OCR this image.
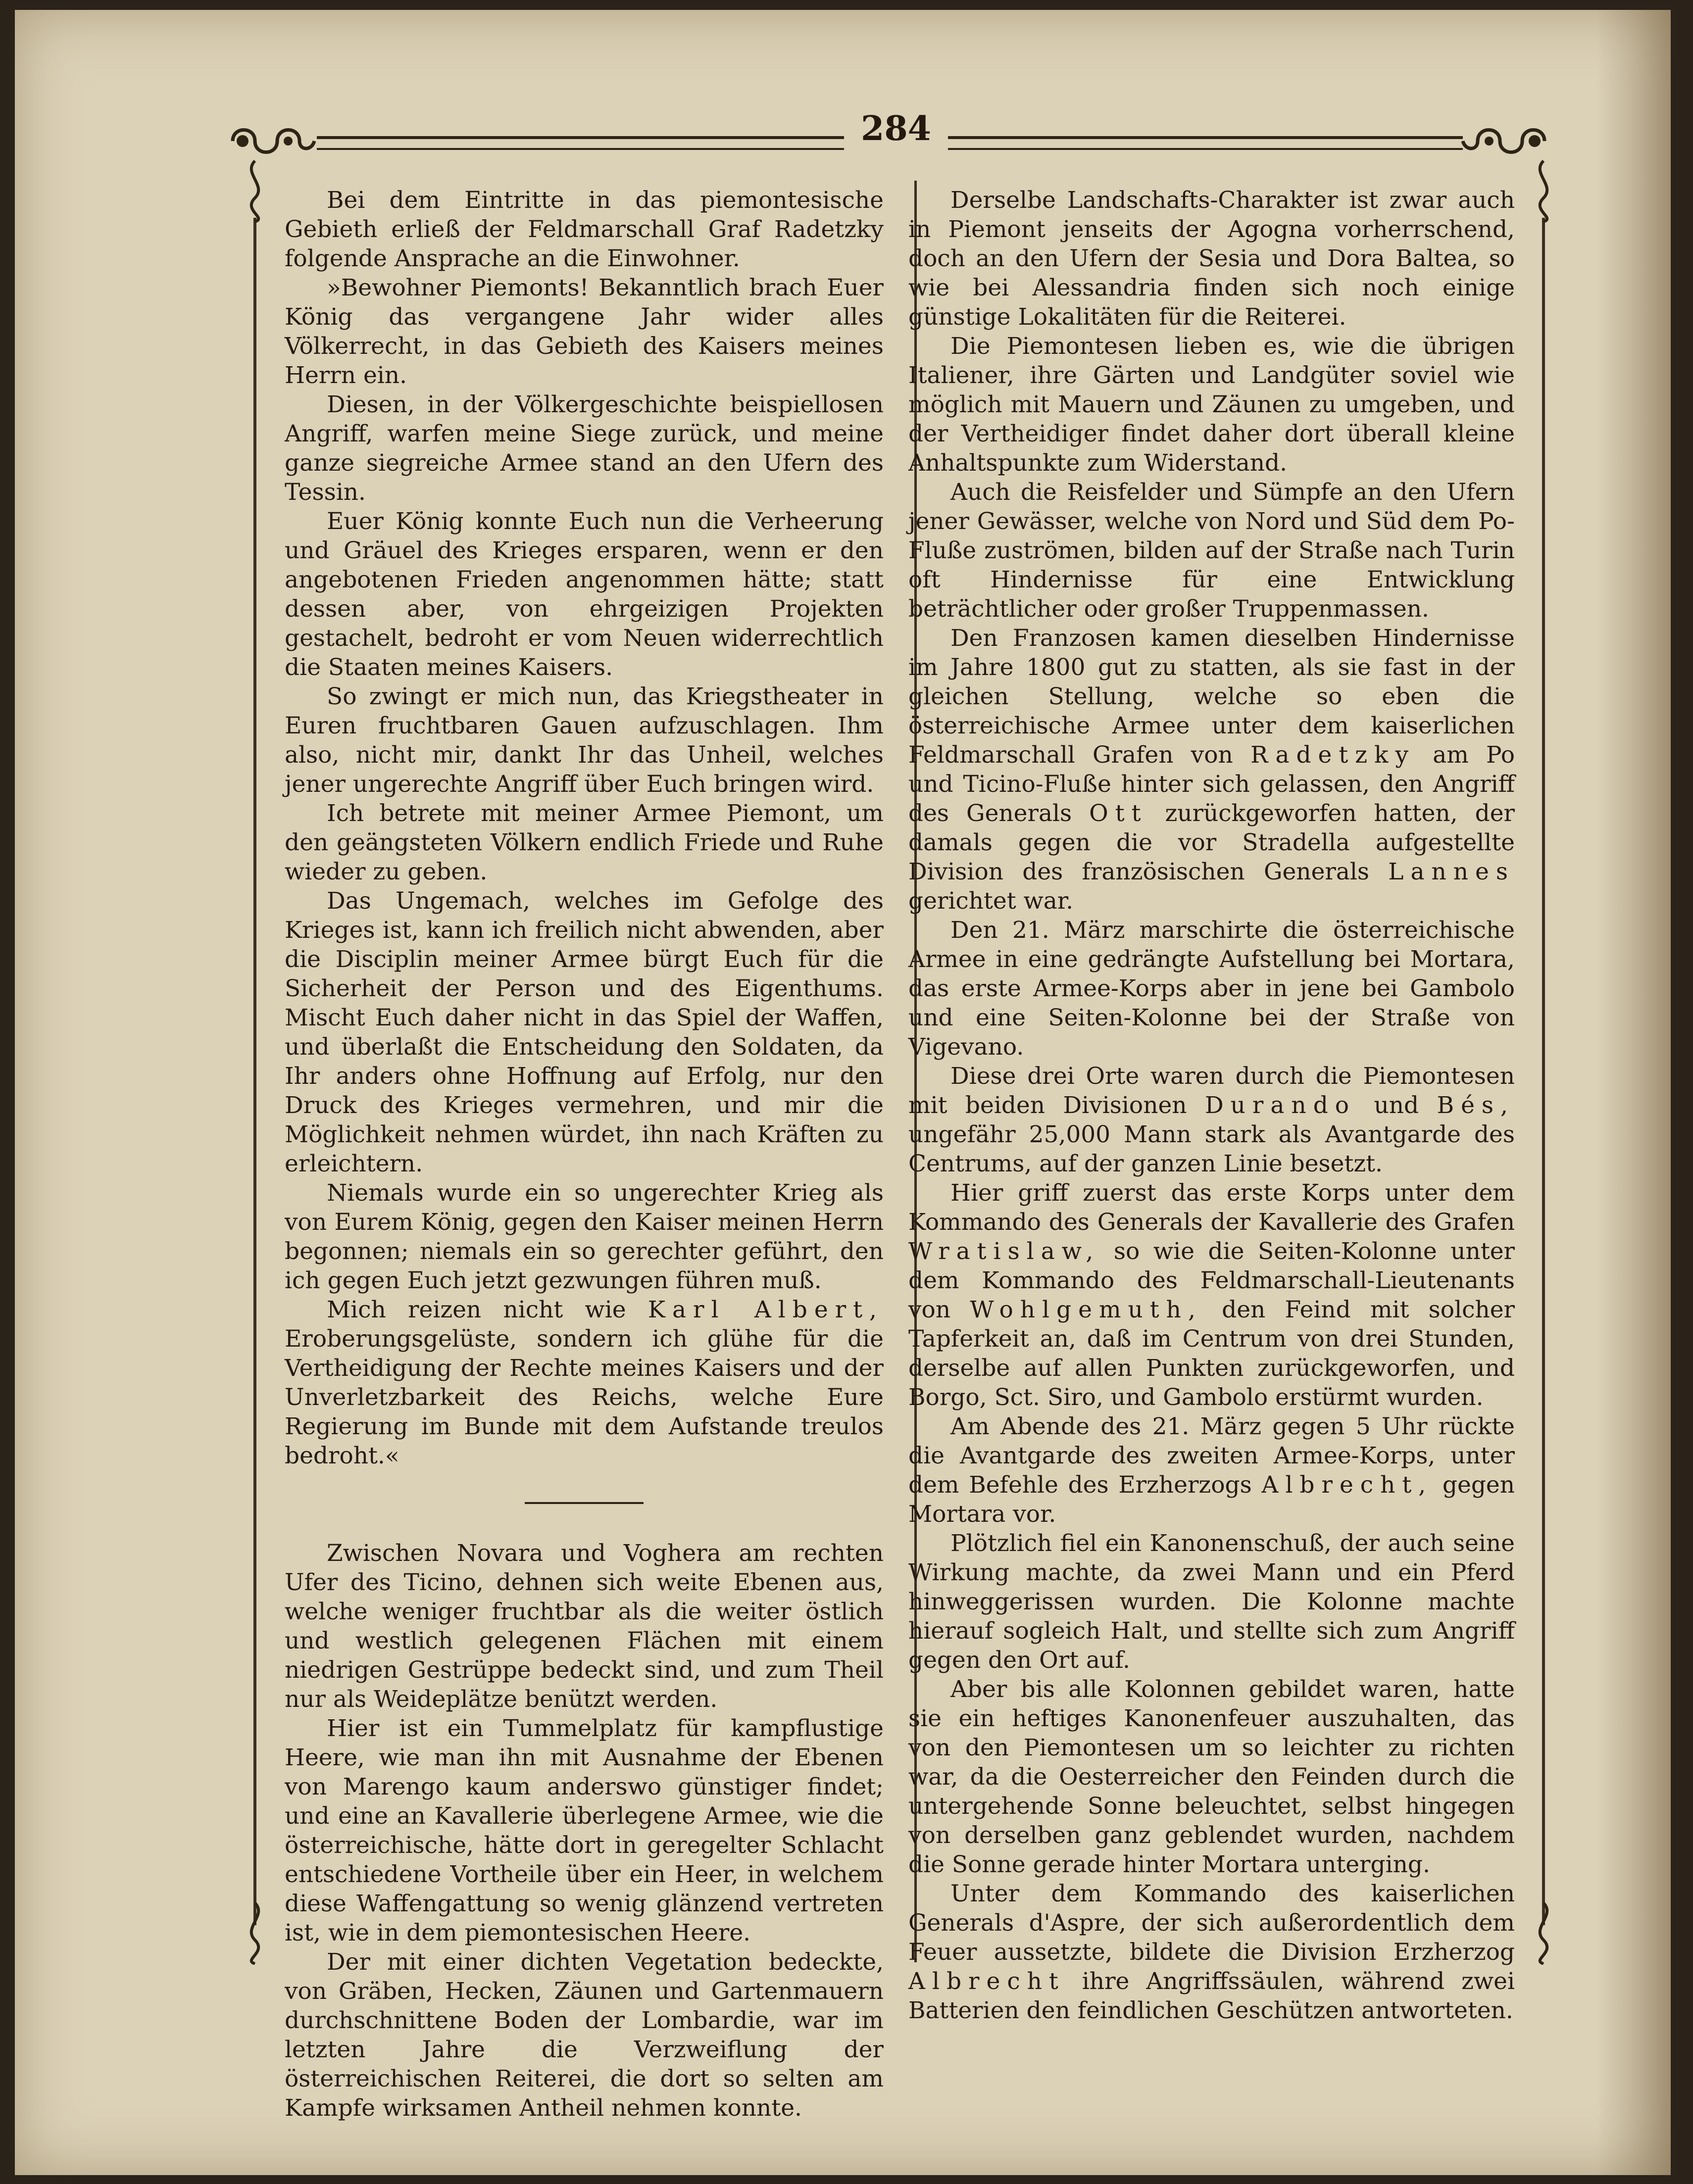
284

Bei dem Eintritte in das piemontesische Gebieth erließ der Feldmarschall Graf Radetzky folgende Ansprache an die Einwohner.

»Bewohner Piemonts! Bekanntlich brach Euer König das vergangene Jahr wider alles Völkerrecht, in das Gebieth des Kaisers meines Herrn ein.

Diesen, in der Völkergeschichte beispiellosen Angriff, warfen meine Siege zurück, und meine ganze siegreiche Armee stand an den Ufern des Tessin.

Euer König konnte Euch nun die Verheerung und Gräuel des Krieges ersparen, wenn er den angebotenen Frieden angenommen hätte; statt dessen aber, von ehrgeizigen Projekten gestachelt, bedroht er vom Neuen widerrechtlich die Staaten meines Kaisers.

So zwingt er mich nun, das Kriegstheater in Euren fruchtbaren Gauen aufzuschlagen. Ihm also, nicht mir, dankt Ihr das Unheil, welches jener ungerechte Angriff über Euch bringen wird.

Ich betrete mit meiner Armee Piemont, um den geängsteten Völkern endlich Friede und Ruhe wieder zu geben.

Das Ungemach, welches im Gefolge des Krieges ist, kann ich freilich nicht abwenden, aber die Disciplin meiner Armee bürgt Euch für die Sicherheit der Person und des Eigenthums. Mischt Euch daher nicht in das Spiel der Waffen, und überlaßt die Entscheidung den Soldaten, da Ihr anders ohne Hoffnung auf Erfolg, nur den Druck des Krieges vermehren, und mir die Möglichkeit nehmen würdet, ihn nach Kräften zu erleichtern.

Niemals wurde ein so ungerechter Krieg als von Eurem König, gegen den Kaiser meinen Herrn begonnen; niemals ein so gerechter geführt, den ich gegen Euch jetzt gezwungen führen muß.

Mich reizen nicht wie Karl Albert, Eroberungsgelüste, sondern ich glühe für die Vertheidigung der Rechte meines Kaisers und der Unverletzbarkeit des Reichs, welche Eure Regierung im Bunde mit dem Aufstande treulos bedroht.«

Zwischen Novara und Voghera am rechten Ufer des Ticino, dehnen sich weite Ebenen aus, welche weniger fruchtbar als die weiter östlich und westlich gelegenen Flächen mit einem niedrigen Gestrüppe bedeckt sind, und zum Theil nur als Weideplätze benützt werden.

Hier ist ein Tummelplatz für kampflustige Heere, wie man ihn mit Ausnahme der Ebenen von Marengo kaum anderswo günstiger findet; und eine an Kavallerie überlegene Armee, wie die österreichische, hätte dort in geregelter Schlacht entschiedene Vortheile über ein Heer, in welchem diese Waffengattung so wenig glänzend vertreten ist, wie in dem piemontesischen Heere.

Der mit einer dichten Vegetation bedeckte, von Gräben, Hecken, Zäunen und Gartenmauern durchschnittene Boden der Lombardie, war im letzten Jahre die Verzweiflung der österreichischen Reiterei, die dort so selten am Kampfe wirksamen Antheil nehmen konnte.

Derselbe Landschafts-Charakter ist zwar auch in Piemont jenseits der Agogna vorherrschend, doch an den Ufern der Sesia und Dora Baltea, so wie bei Alessandria finden sich noch einige günstige Lokalitäten für die Reiterei.

Die Piemontesen lieben es, wie die übrigen Italiener, ihre Gärten und Landgüter soviel wie möglich mit Mauern und Zäunen zu umgeben, und der Vertheidiger findet daher dort überall kleine Anhaltspunkte zum Widerstand.

Auch die Reisfelder und Sümpfe an den Ufern jener Gewässer, welche von Nord und Süd dem Po-Fluße zuströmen, bilden auf der Straße nach Turin oft Hindernisse für eine Entwicklung beträchtlicher oder großer Truppenmassen.

Den Franzosen kamen dieselben Hindernisse im Jahre 1800 gut zu statten, als sie fast in der gleichen Stellung, welche so eben die österreichische Armee unter dem kaiserlichen Feldmarschall Grafen von Radetzky am Po und Ticino-Fluße hinter sich gelassen, den Angriff des Generals Ott zurückgeworfen hatten, der damals gegen die vor Stradella aufgestellte Division des französischen Generals Lannes gerichtet war.

Den 21. März marschirte die österreichische Armee in eine gedrängte Aufstellung bei Mortara, das erste Armee-Korps aber in jene bei Gambolo und eine Seiten-Kolonne bei der Straße von Vigevano.

Diese drei Orte waren durch die Piemontesen mit beiden Divisionen Durando und Bés, ungefähr 25,000 Mann stark als Avantgarde des Centrums, auf der ganzen Linie besetzt.

Hier griff zuerst das erste Korps unter dem Kommando des Generals der Kavallerie des Grafen Wratislaw, so wie die Seiten-Kolonne unter dem Kommando des Feldmarschall-Lieutenants von Wohlgemuth, den Feind mit solcher Tapferkeit an, daß im Centrum von drei Stunden, derselbe auf allen Punkten zurückgeworfen, und Borgo, Sct. Siro, und Gambolo erstürmt wurden.

Am Abende des 21. März gegen 5 Uhr rückte die Avantgarde des zweiten Armee-Korps, unter dem Befehle des Erzherzogs Albrecht, gegen Mortara vor.

Plötzlich fiel ein Kanonenschuß, der auch seine Wirkung machte, da zwei Mann und ein Pferd hinweggerissen wurden. Die Kolonne machte hierauf sogleich Halt, und stellte sich zum Angriff gegen den Ort auf.

Aber bis alle Kolonnen gebildet waren, hatte sie ein heftiges Kanonenfeuer auszuhalten, das von den Piemontesen um so leichter zu richten war, da die Oesterreicher den Feinden durch die untergehende Sonne beleuchtet, selbst hingegen von derselben ganz geblendet wurden, nachdem die Sonne gerade hinter Mortara unterging.

Unter dem Kommando des kaiserlichen Generals d'Aspre, der sich außerordentlich dem Feuer aussetzte, bildete die Division Erzherzog Albrecht ihre Angriffssäulen, während zwei Batterien den feindlichen Geschützen antworteten.
